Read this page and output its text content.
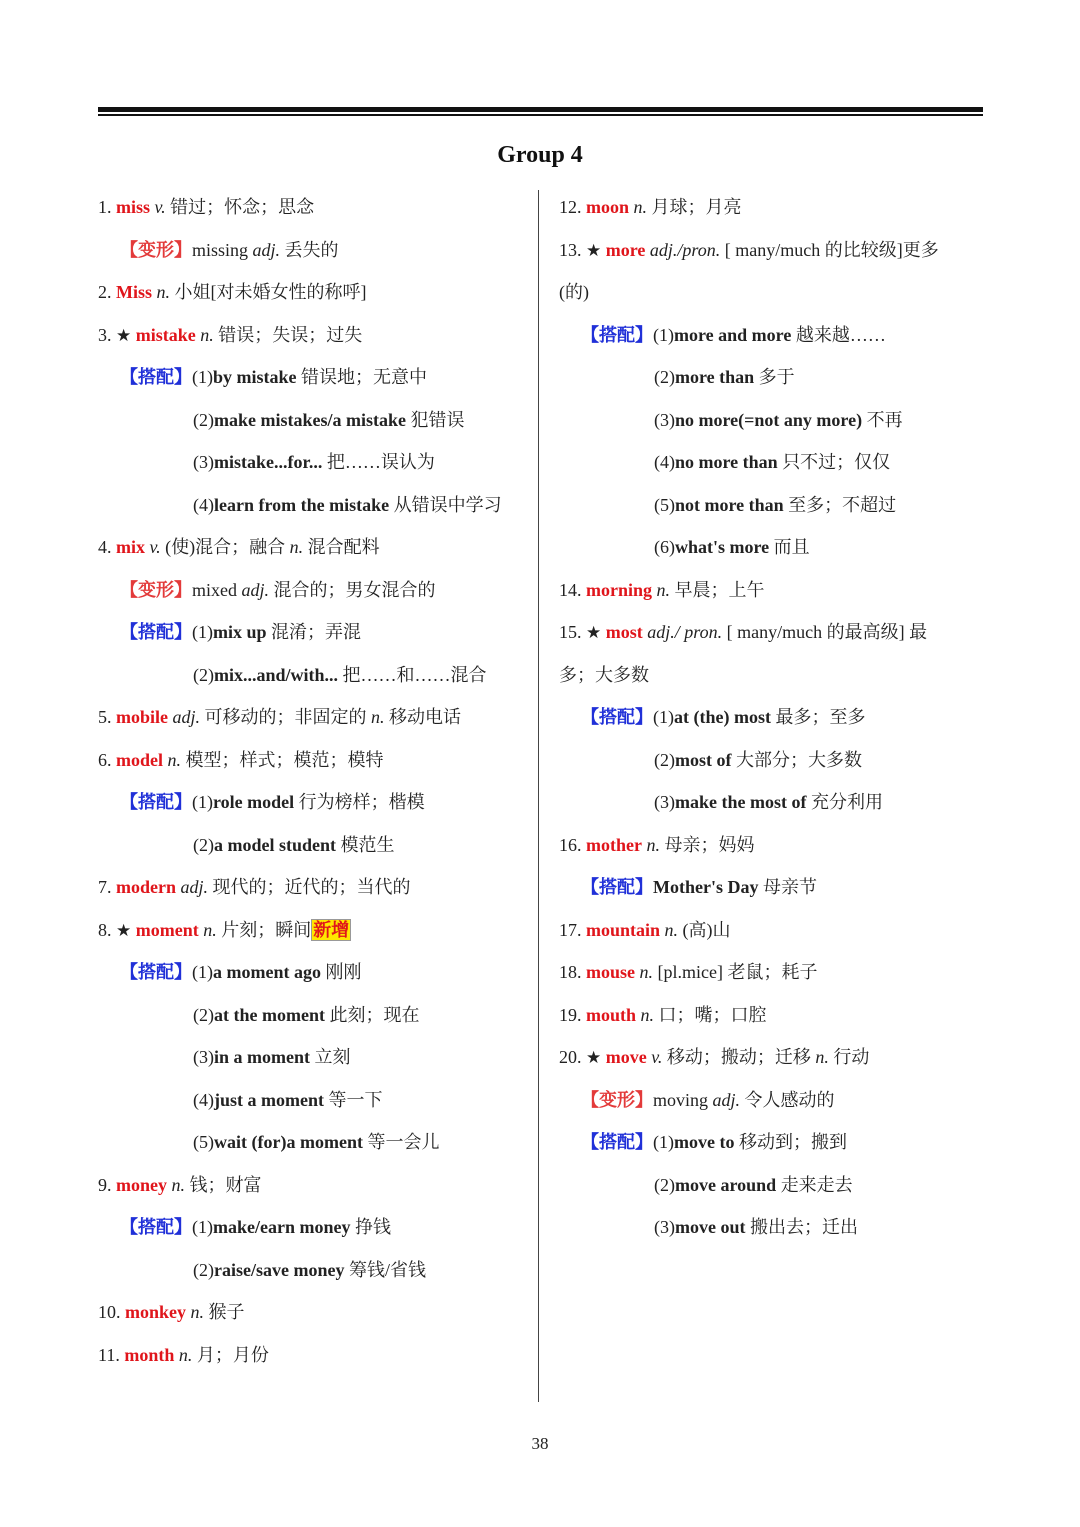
Group 4
1. miss v. 错过；怀念；思念
【变形】missing adj. 丢失的
2. Miss n. 小姐[对未婚女性的称呼]
3. ★ mistake n. 错误；失误；过失
【搭配】(1)by mistake 错误地；无意中
(2)make mistakes/a mistake 犯错误
(3)mistake...for... 把……误认为
(4)learn from the mistake 从错误中学习
4. mix v. (使)混合；融合 n. 混合配料
【变形】mixed adj. 混合的；男女混合的
【搭配】(1)mix up 混淆；弄混
(2)mix...and/with... 把……和……混合
5. mobile adj. 可移动的；非固定的 n. 移动电话
6. model n. 模型；样式；模范；模特
【搭配】(1)role model 行为榜样；楷模
(2)a model student 模范生
7. modern adj. 现代的；近代的；当代的
8. ★ moment n. 片刻；瞬间 新增
【搭配】(1)a moment ago 刚刚
(2)at the moment 此刻；现在
(3)in a moment 立刻
(4)just a moment 等一下
(5)wait (for)a moment 等一会儿
9. money n. 钱；财富
【搭配】(1)make/earn money 挣钱
(2)raise/save money 筹钱/省钱
10. monkey n. 猴子
11. month n. 月；月份
12. moon n. 月球；月亮
13. ★ more adj./pron. [ many/much 的比较级]更多
(的)
【搭配】(1)more and more 越来越……
(2)more than 多于
(3)no more(=not any more) 不再
(4)no more than 只不过；仅仅
(5)not more than 至多；不超过
(6)what's more 而且
14. morning n. 早晨；上午
15. ★ most adj./ pron. [ many/much 的最高级] 最
多；大多数
【搭配】(1)at (the) most 最多；至多
(2)most of 大部分；大多数
(3)make the most of 充分利用
16. mother n. 母亲；妈妈
【搭配】Mother's Day 母亲节
17. mountain n. (高)山
18. mouse n. [pl.mice] 老鼠；耗子
19. mouth n. 口；嘴；口腔
20. ★ move v. 移动；搬动；迁移 n. 行动
【变形】moving adj. 令人感动的
【搭配】(1)move to 移动到；搬到
(2)move around 走来走去
(3)move out 搬出去；迁出
38
